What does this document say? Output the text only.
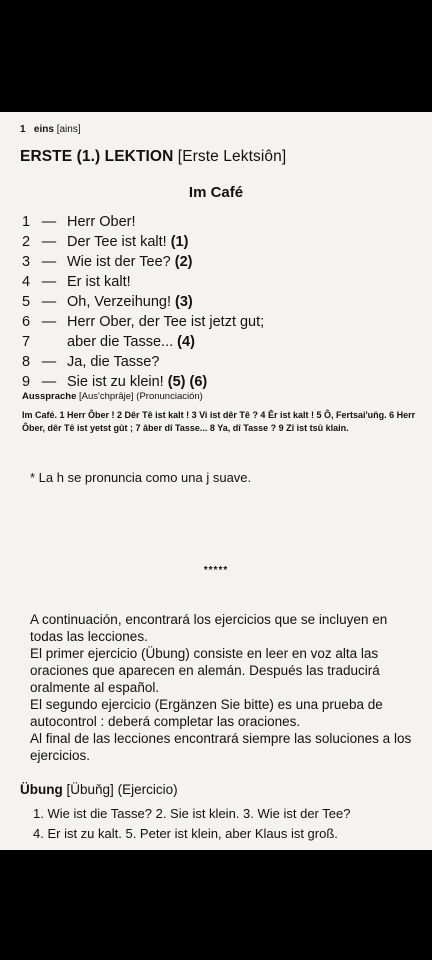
1 eins [ains]
ERSTE (1.) LEKTION [Erste Lektsiôn]
Im Café
1 — Herr Ober!
2 — Der Tee ist kalt! (1)
3 — Wie ist der Tee? (2)
4 — Er ist kalt!
5 — Oh, Verzeihung! (3)
6 — Herr Ober, der Tee ist jetzt gut;
7	aber die Tasse... (4)
8 — Ja, die Tasse?
9 — Sie ist zu klein! (5) (6)
Aussprache [Aus'chprâje] (Pronunciación)
Im Café. 1 Herr Ôber ! 2 Dêr Tê ist kalt ! 3 Vi ist dêr Tê ? 4 Êr ist kalt ! 5 Ô, Fertsai'uňg. 6 Herr Ôber, dêr Tê ist yetst gût ; 7 âber dî Tasse... 8 Ya, dî Tasse ? 9 Zî ist tsû klain.
* La h se pronuncia como una j suave.
*****

A continuación, encontrará los ejercicios que se incluyen en todas las lecciones.

El primer ejercicio (Übung) consiste en leer en voz alta las oraciones que aparecen en alemán. Después las traducirá oralmente al español.

El segundo ejercicio (Ergänzen Sie bitte) es una prueba de autocontrol : deberá completar las oraciones.

Al final de las lecciones encontrará siempre las soluciones a los ejercicios.

Übung [Übuňg] (Ejercicio)

1. Wie ist die Tasse? 2. Sie ist klein. 3. Wie ist der Tee?

4. Er ist zu kalt. 5. Peter ist klein, aber Klaus ist groß.
